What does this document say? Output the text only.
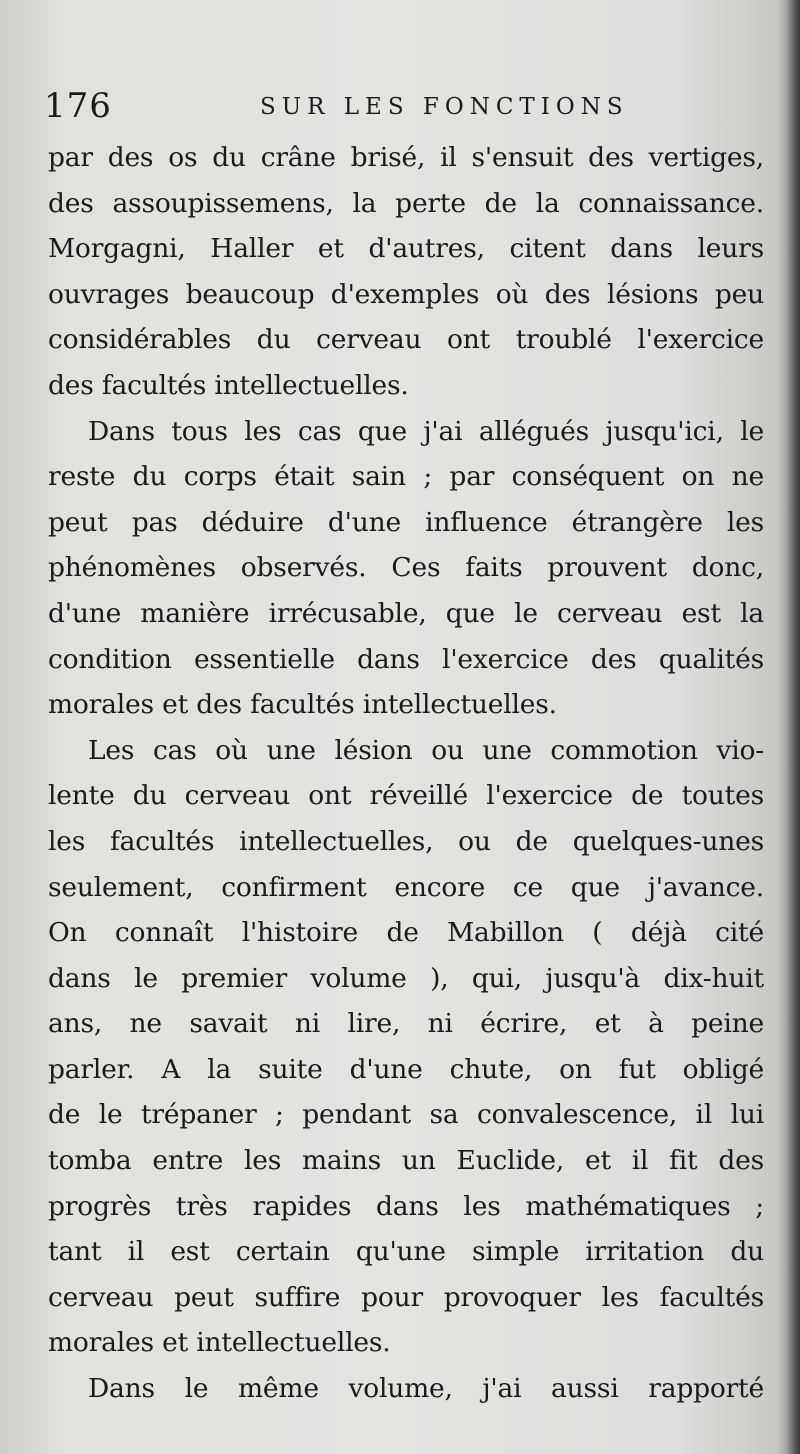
176	SUR LES FONCTIONS
par des os du crâne brisé, il s'ensuit des vertiges,
des assoupissemens, la perte de la connaissance.
Morgagni, Haller et d'autres, citent dans leurs
ouvrages beaucoup d'exemples où des lésions peu
considérables du cerveau ont troublé l'exercice
des facultés intellectuelles.
Dans tous les cas que j'ai allégués jusqu'ici, le
reste du corps était sain ; par conséquent on ne
peut pas déduire d'une influence étrangère les
phénomènes observés. Ces faits prouvent donc,
d'une manière irrécusable, que le cerveau est la
condition essentielle dans l'exercice des qualités
morales et des facultés intellectuelles.
Les cas où une lésion ou une commotion vio-
lente du cerveau ont réveillé l'exercice de toutes
les facultés intellectuelles, ou de quelques-unes
seulement, confirment encore ce que j'avance.
On connaît l'histoire de Mabillon ( déjà cité
dans le premier volume ), qui, jusqu'à dix-huit
ans, ne savait ni lire, ni écrire, et à peine
parler. A la suite d'une chute, on fut obligé
de le trépaner ; pendant sa convalescence, il lui
tomba entre les mains un Euclide, et il fit des
progrès très rapides dans les mathématiques ;
tant il est certain qu'une simple irritation du
cerveau peut suffire pour provoquer les facultés
morales et intellectuelles.
Dans le même volume, j'ai aussi rapporté
